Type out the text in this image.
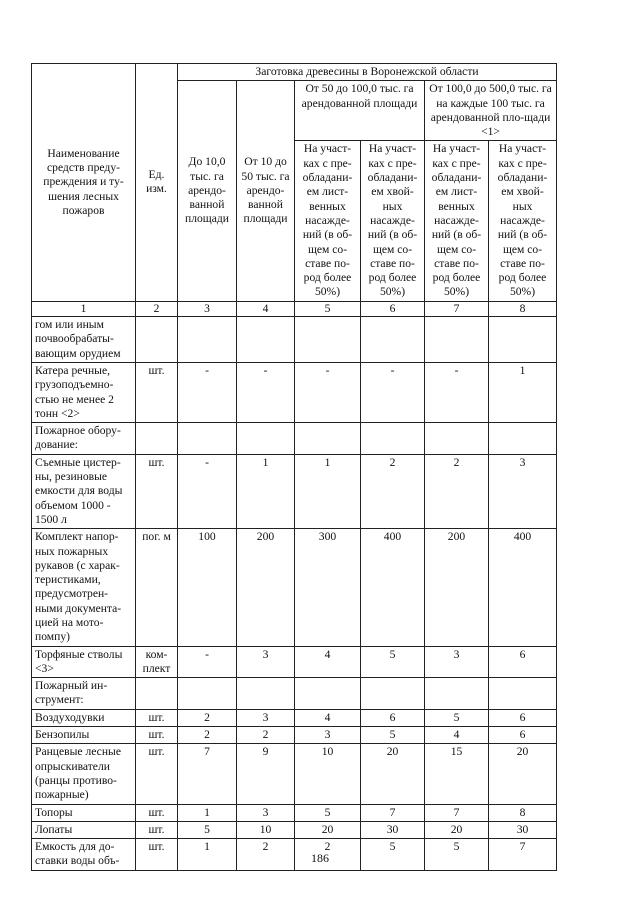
Наименование средств преду-преждения и ту-шения лесных пожаров	Ед. изм.	Заготовка древесины в Воронежской области					
		До 10,0 тыс. га арендо-ванной площади	От 10 до 50 тыс. га арендо-ванной площади	От 50 до 100,0 тыс. га арендованной площади		От 100,0 до 500,0 тыс. га на каждые 100 тыс. га арендованной пло-щади <1>	
				На участ-ках с пре-обладани-ем лист-венных насажде-ний (в об-щем со-ставе по-род более 50%)	На участ-ках с пре-обладани-ем хвой-ных насажде-ний (в об-щем со-ставе по-род более 50%)	На участ-ках с пре-обладани-ем лист-венных насажде-ний (в об-щем со-ставе по-род более 50%)	На участ-ках с пре-обладани-ем хвой-ных насажде-ний (в об-щем со-ставе по-род более 50%)

1	2	3	4	5	6	7	8
гом или иным почвообрабаты-вающим орудием							
Катера речные, грузоподъемно-стью не менее 2 тонн <2>	шт.	-	-	-	-	-	1
Пожарное обору-дование:							
Съемные цистер-ны, резиновые емкости для воды объемом 1000 - 1500 л	шт.	-	1	1	2	2	3
Комплект напор-ных пожарных рукавов (с харак-теристиками, предусмотрен-ными документа-цией на мото-помпу)	пог. м	100	200	300	400	200	400
Торфяные стволы <3>	ком-плект	-	3	4	5	3	6
Пожарный ин-струмент:							
Воздуходувки	шт.	2	3	4	6	5	6
Бензопилы	шт.	2	2	3	5	4	6
Ранцевые лесные опрыскиватели (ранцы противо-пожарные)	шт.	7	9	10	20	15	20
Топоры	шт.	1	3	5	7	7	8
Лопаты	шт.	5	10	20	30	20	30
Емкость для до-ставки воды объ-	шт.	1	2	2	5	5	7
186
